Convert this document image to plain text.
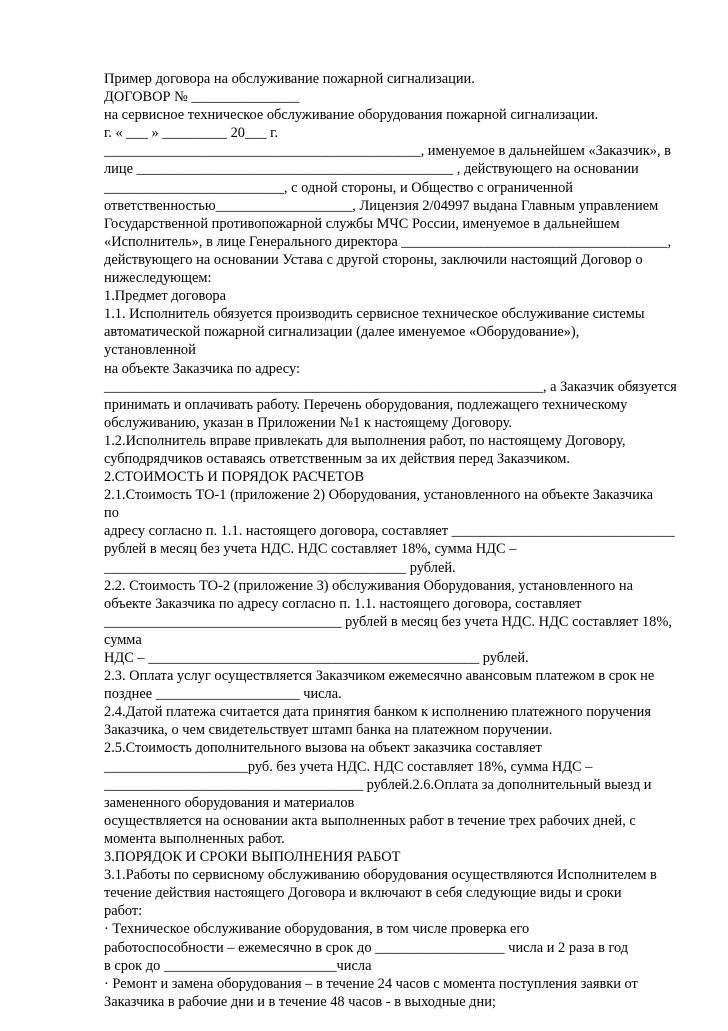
Пример договора на обслуживание пожарной сигнализации.
ДОГОВОР № _______________
на сервисное техническое обслуживание оборудования пожарной сигнализации.
г. « ___ » _________ 20___ г.
____________________________________________, именуемое в дальнейшем «Заказчик», в
лице ____________________________________________ , действующего на основании
_________________________, с одной стороны, и Общество с ограниченной
ответственностью___________________, Лицензия 2/04997 выдана Главным управлением
Государственной противопожарной службы МЧС России, именуемое в дальнейшем
«Исполнитель», в лице Генерального директора _____________________________________,
действующего на основании Устава с другой стороны, заключили настоящий Договор о
нижеследующем:
1.Предмет договора
1.1. Исполнитель обязуется производить сервисное техническое обслуживание системы
автоматической пожарной сигнализации (далее именуемое «Оборудование»),
установленной
на объекте Заказчика по адресу:
_____________________________________________________________, а Заказчик обязуется
принимать и оплачивать работу. Перечень оборудования, подлежащего техническому
обслуживанию, указан в Приложении №1 к настоящему Договору.
1.2.Исполнитель вправе привлекать для выполнения работ, по настоящему Договору,
субподрядчиков оставаясь ответственным за их действия перед Заказчиком.
2.СТОИМОСТЬ И ПОРЯДОК РАСЧЕТОВ
2.1.Стоимость ТО-1 (приложение 2) Оборудования, установленного на объекте Заказчика
по
адресу согласно п. 1.1. настоящего договора, составляет _______________________________
рублей в месяц без учета НДС. НДС составляет 18%, сумма НДС –
__________________________________________ рублей.
2.2. Стоимость ТО-2 (приложение 3) обслуживания Оборудования, установленного на
объекте Заказчика по адресу согласно п. 1.1. настоящего договора, составляет
_________________________________ рублей в месяц без учета НДС. НДС составляет 18%,
сумма
НДС – ______________________________________________ рублей.
2.3. Оплата услуг осуществляется Заказчиком ежемесячно авансовым платежом в срок не
позднее ____________________ числа.
2.4.Датой платежа считается дата принятия банком к исполнению платежного поручения
Заказчика, о чем свидетельствует штамп банка на платежном поручении.
2.5.Стоимость дополнительного вызова на объект заказчика составляет
____________________руб. без учета НДС. НДС составляет 18%, сумма НДС –
____________________________________ рублей.2.6.Оплата за дополнительный выезд и
замененного оборудования и материалов
осуществляется на основании акта выполненных работ в течение трех рабочих дней, с
момента выполненных работ.
3.ПОРЯДОК И СРОКИ ВЫПОЛНЕНИЯ РАБОТ
3.1.Работы по сервисному обслуживанию оборудования осуществляются Исполнителем в
течение действия настоящего Договора и включают в себя следующие виды и сроки
работ:
· Техническое обслуживание оборудования, в том числе проверка его
работоспособности – ежемесячно в срок до __________________ числа и 2 раза в год
в срок до ________________________числа
· Ремонт и замена оборудования – в течение 24 часов с момента поступления заявки от
Заказчика в рабочие дни и в течение 48 часов - в выходные дни;
